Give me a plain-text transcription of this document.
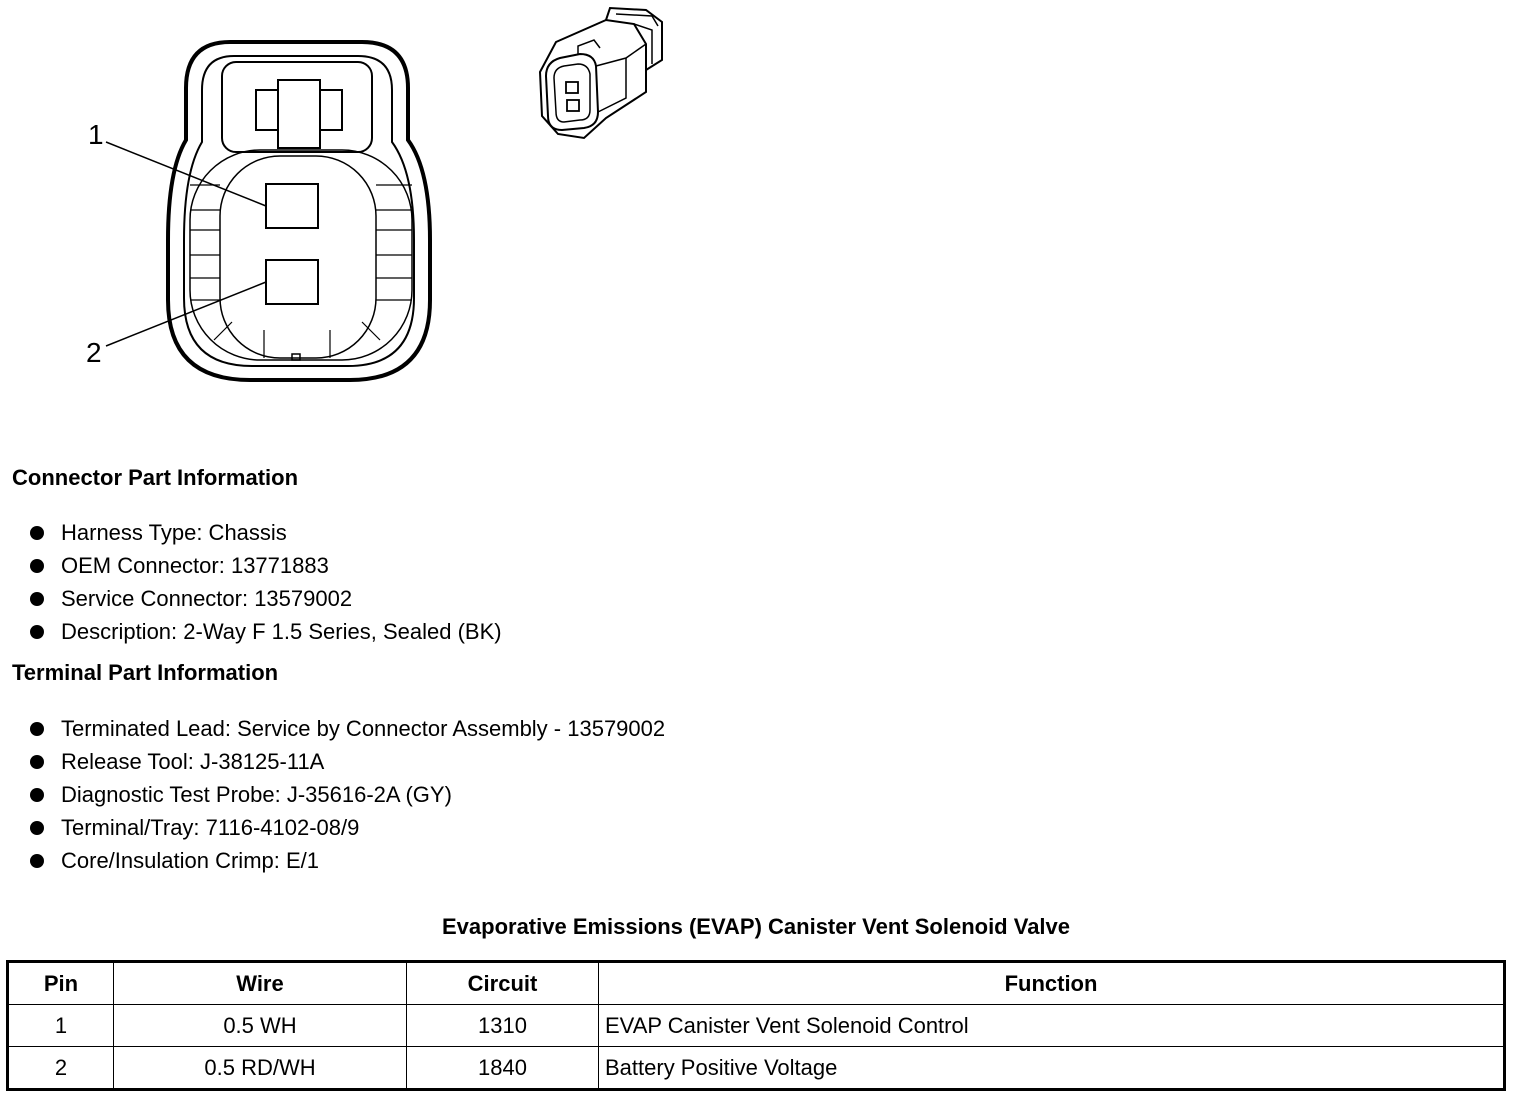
1
2
Connector Part Information
Harness Type: Chassis
OEM Connector: 13771883
Service Connector: 13579002
Description: 2-Way F 1.5 Series, Sealed (BK)
Terminal Part Information
Terminated Lead: Service by Connector Assembly - 13579002
Release Tool: J-38125-11A
Diagnostic Test Probe: J-35616-2A (GY)
Terminal/Tray: 7116-4102-08/9
Core/Insulation Crimp: E/1
Evaporative Emissions (EVAP) Canister Vent Solenoid Valve
Pin	Wire	Circuit	Function
1	0.5 WH	1310	EVAP Canister Vent Solenoid Control
2	0.5 RD/WH	1840	Battery Positive Voltage
